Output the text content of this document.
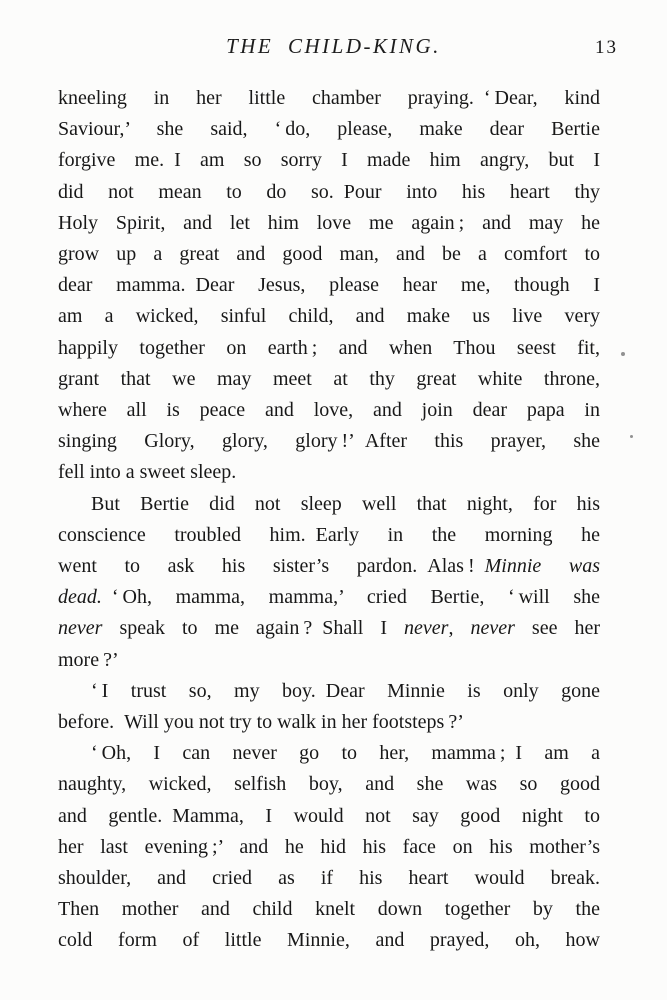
THE CHILD-KING.	13
kneeling in her little chamber praying. ‘ Dear, kind
Saviour,’ she said, ‘ do, please, make dear Bertie
forgive me. I am so sorry I made him angry, but I
did not mean to do so. Pour into his heart thy
Holy Spirit, and let him love me again ; and may he
grow up a great and good man, and be a comfort to
dear mamma. Dear Jesus, please hear me, though I
am a wicked, sinful child, and make us live very
happily together on earth ; and when Thou seest fit,
grant that we may meet at thy great white throne,
where all is peace and love, and join dear papa in
singing Glory, glory, glory !’ After this prayer, she
fell into a sweet sleep.
But Bertie did not sleep well that night, for his
conscience troubled him. Early in the morning he
went to ask his sister’s pardon. Alas ! Minnie was
dead. ‘ Oh, mamma, mamma,’ cried Bertie, ‘ will she
never speak to me again ? Shall I never, never see her
more ?’
‘ I trust so, my boy. Dear Minnie is only gone
before. Will you not try to walk in her footsteps ?’
‘ Oh, I can never go to her, mamma ; I am a
naughty, wicked, selfish boy, and she was so good
and gentle. Mamma, I would not say good night to
her last evening ;’ and he hid his face on his mother’s
shoulder, and cried as if his heart would break.
Then mother and child knelt down together by the
cold form of little Minnie, and prayed, oh, how
